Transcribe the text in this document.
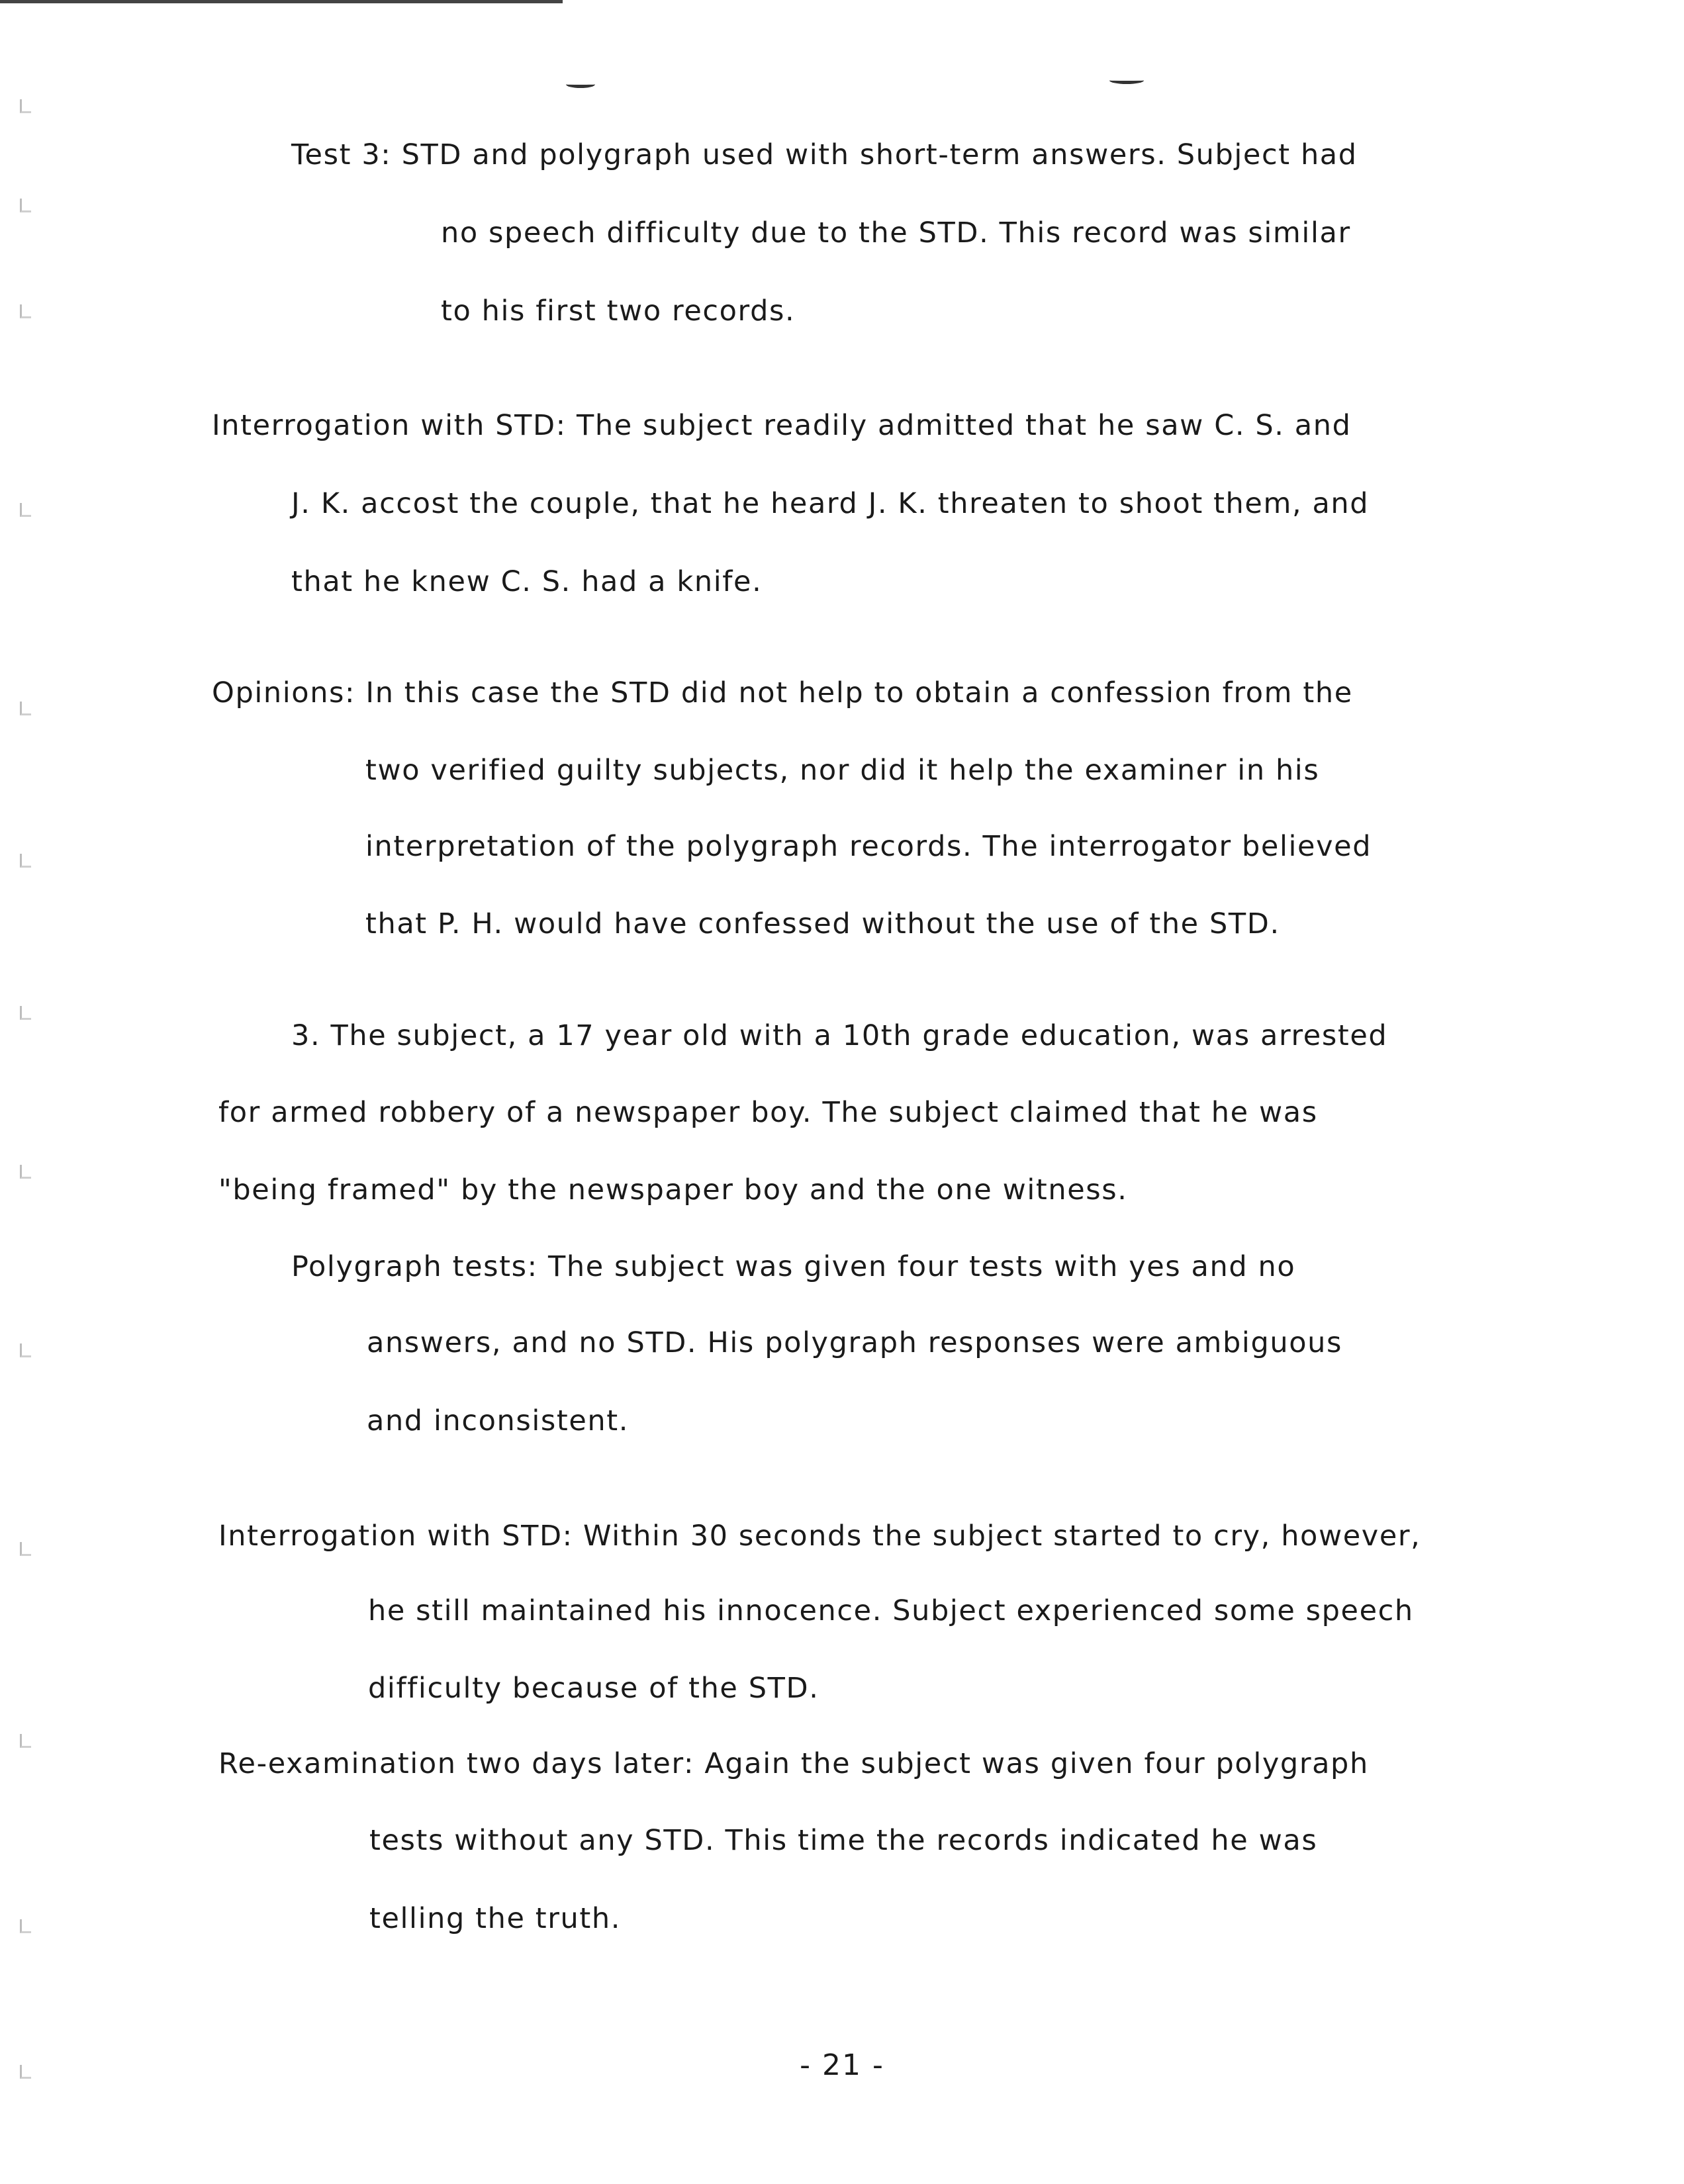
Test 3: STD and polygraph used with short-term answers. Subject had
no speech difficulty due to the STD. This record was similar
to his first two records.
Interrogation with STD: The subject readily admitted that he saw C. S. and
J. K. accost the couple, that he heard J. K. threaten to shoot them, and
that he knew C. S. had a knife.
Opinions: In this case the STD did not help to obtain a confession from the
two verified guilty subjects, nor did it help the examiner in his
interpretation of the polygraph records. The interrogator believed
that P. H. would have confessed without the use of the STD.
3. The subject, a 17 year old with a 10th grade education, was arrested
for armed robbery of a newspaper boy. The subject claimed that he was
"being framed" by the newspaper boy and the one witness.
Polygraph tests: The subject was given four tests with yes and no
answers, and no STD. His polygraph responses were ambiguous
and inconsistent.
Interrogation with STD: Within 30 seconds the subject started to cry, however,
he still maintained his innocence. Subject experienced some speech
difficulty because of the STD.
Re-examination two days later: Again the subject was given four polygraph
tests without any STD. This time the records indicated he was
telling the truth.
- 21 -
